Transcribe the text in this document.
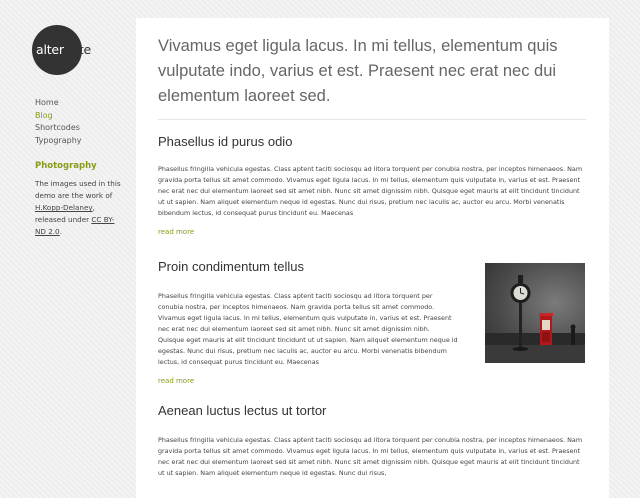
alternate
Home
Blog
Shortcodes
Typography
Photography

The images used in this demo are the work of H.Kopp-Delaney, released under CC BY-ND 2.0.

Vivamus eget ligula lacus. In mi tellus, elementum quis vulputate indo, varius et est. Praesent nec erat nec dui elementum laoreet sed.

Phasellus id purus odio

Phasellus fringilla vehicula egestas. Class aptent taciti sociosqu ad litora torquent per conubia nostra, per inceptos himenaeos. Nam gravida porta tellus sit amet commodo. Vivamus eget ligula lacus. In mi tellus, elementum quis vulputate in, varius et est. Praesent nec erat nec dui elementum laoreet sed sit amet nibh. Nunc sit amet dignissim nibh. Quisque eget mauris at elit tincidunt tincidunt ut ut sapien. Nam aliquet elementum neque id egestas. Nunc dui risus, pretium nec iaculis ac, auctor eu arcu. Morbi venenatis bibendum lectus, id consequat purus tincidunt eu. Maecenas

read more
Proin condimentum tellus

Phasellus fringilla vehicula egestas. Class aptent taciti sociosqu ad litora torquent per conubia nostra, per inceptos himenaeos. Nam gravida porta tellus sit amet commodo. Vivamus eget ligula lacus. In mi tellus, elementum quis vulputate in, varius et est. Praesent nec erat nec dui elementum laoreet sed sit amet nibh. Nunc sit amet dignissim nibh. Quisque eget mauris at elit tincidunt tincidunt ut ut sapien. Nam aliquet elementum neque id egestas. Nunc dui risus, pretium nec iaculis ac, auctor eu arcu. Morbi venenatis bibendum lectus, id consequat purus tincidunt eu. Maecenas

read more
Aenean luctus lectus ut tortor

Phasellus fringilla vehicula egestas. Class aptent taciti sociosqu ad litora torquent per conubia nostra, per inceptos himenaeos. Nam gravida porta tellus sit amet commodo. Vivamus eget ligula lacus. In mi tellus, elementum quis vulputate in, varius et est. Praesent nec erat nec dui elementum laoreet sed sit amet nibh. Nunc sit amet dignissim nibh. Quisque eget mauris at elit tincidunt tincidunt ut ut sapien. Nam aliquet elementum neque id egestas. Nunc dui risus,
